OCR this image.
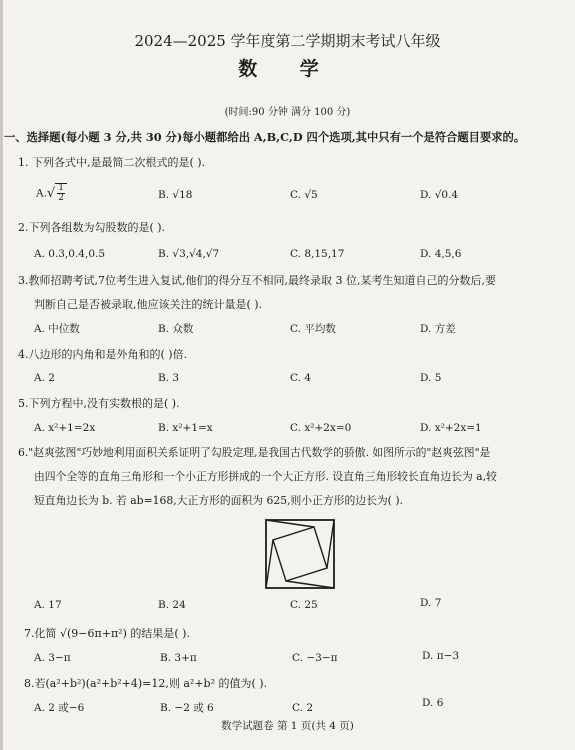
2024—2025 学年度第二学期期末考试八年级
数 学
(时间:90 分钟 满分 100 分)
一、选择题(每小题 3 分,共 30 分)每小题都给出 A,B,C,D 四个选项,其中只有一个是符合题目要求的。
1. 下列各式中,是最简二次根式的是( ).
$A.√ \frac{1}{2}$	B. √18	C. √5	D. √0.4
2.下列各组数为勾股数的是( ).
A. 0.3,0.4,0.5	B. √3,√4,√7	C. 8,15,17	D. 4,5,6
3.教师招聘考试,7位考生进入复试,他们的得分互不相同,最终录取 3 位,某考生知道自己的分数后,要
判断自己是否被录取,他应该关注的统计量是( ).
A. 中位数	B. 众数	C. 平均数	D. 方差
4.八边形的内角和是外角和的( )倍.
A. 2	B. 3	C. 4	D. 5
5.下列方程中,没有实数根的是( ).
A. x²+1=2x	B. x²+1=x	C. x²+2x=0	D. x²+2x=1
6."赵爽弦图"巧妙地利用面积关系证明了勾股定理,是我国古代数学的骄傲. 如图所示的"赵爽弦图"是
由四个全等的直角三角形和一个小正方形拼成的一个大正方形. 设直角三角形较长直角边长为 a,较
短直角边长为 b. 若 ab=168,大正方形的面积为 625,则小正方形的边长为( ).
A. 17	B. 24	C. 25	D. 7
7.化简 √(9−6π+π²) 的结果是( ).
A. 3−π	B. 3+π	C. −3−π	D. π−3
8.若(a²+b²)(a²+b²+4)=12,则 a²+b² 的值为( ).
A. 2 或−6	B. −2 或 6	C. 2	D. 6
数学试题卷 第 1 页(共 4 页)
